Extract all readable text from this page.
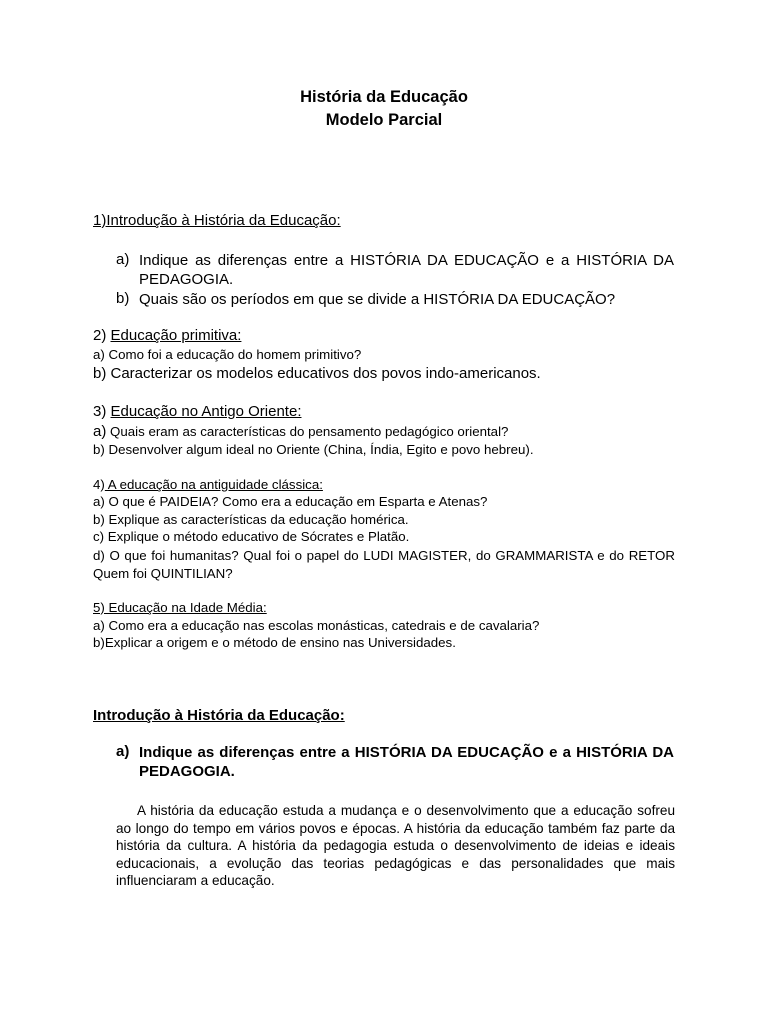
História da Educação
Modelo Parcial
1)Introdução à História da Educação:
a) Indique as diferenças entre a HISTÓRIA DA EDUCAÇÃO e a HISTÓRIA DA PEDAGOGIA.
b) Quais são os períodos em que se divide a HISTÓRIA DA EDUCAÇÃO?
2) Educação primitiva:
a) Como foi a educação do homem primitivo?
b) Caracterizar os modelos educativos dos povos indo-americanos.
3) Educação no Antigo Oriente:
a) Quais eram as características do pensamento pedagógico oriental?
b) Desenvolver algum ideal no Oriente (China, Índia, Egito e povo hebreu).
4) A educação na antiguidade clássica:
a) O que é PAIDEIA? Como era a educação em Esparta e Atenas?
b) Explique as características da educação homérica.
c) Explique o método educativo de Sócrates e Platão.
d) O que foi humanitas? Qual foi o papel do LUDI MAGISTER, do GRAMMARISTA e do RETOR Quem foi QUINTILIAN?
5) Educação na Idade Média:
a) Como era a educação nas escolas monásticas, catedrais e de cavalaria?
b)Explicar a origem e o método de ensino nas Universidades.
Introdução à História da Educação:
a) Indique as diferenças entre a HISTÓRIA DA EDUCAÇÃO e a HISTÓRIA DA PEDAGOGIA.
A história da educação estuda a mudança e o desenvolvimento que a educação sofreu ao longo do tempo em vários povos e épocas. A história da educação também faz parte da história da cultura. A história da pedagogia estuda o desenvolvimento de ideias e ideais educacionais, a evolução das teorias pedagógicas e das personalidades que mais influenciaram a educação.
